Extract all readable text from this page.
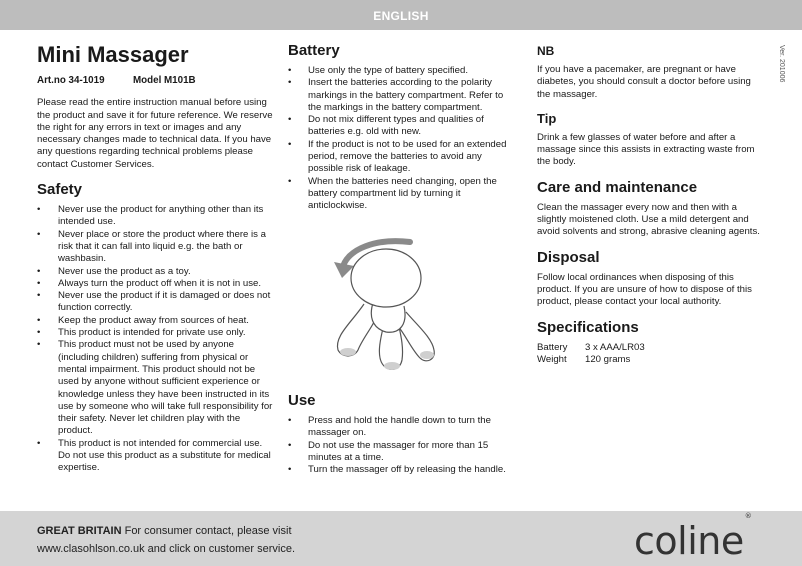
ENGLISH
Ver. 201006
Mini Massager
Art.no 34-1019	Model M101B

Please read the entire instruction manual before using the product and save it for future reference. We reserve the right for any errors in text or images and any necessary changes made to technical data. If you have any questions regarding technical problems please contact Customer Services.

Safety
• Never use the product for anything other than its intended use.
• Never place or store the product where there is a risk that it can fall into liquid e.g. the bath or washbasin.
• Never use the product as a toy.
• Always turn the product off when it is not in use.
• Never use the product if it is damaged or does not function correctly.
• Keep the product away from sources of heat.
• This product is intended for private use only.
• This product must not be used by anyone (including children) suffering from physical or mental impairment. This product should not be used by anyone without sufficient experience or knowledge unless they have been instructed in its use by someone who will take full responsibility for their safety. Never let children play with the product.
• This product is not intended for commercial use. Do not use this product as a substitute for medical expertise.
Battery
• Use only the type of battery specified.
• Insert the batteries according to the polarity markings in the battery compartment. Refer to the markings in the battery compartment.
• Do not mix different types and qualities of batteries e.g. old with new.
• If the product is not to be used for an extended period, remove the batteries to avoid any possible risk of leakage.
• When the batteries need changing, open the battery compartment lid by turning it anticlockwise.
Use
• Press and hold the handle down to turn the massager on.
• Do not use the massager for more than 15 minutes at a time.
• Turn the massager off by releasing the handle.
NB

If you have a pacemaker, are pregnant or have diabetes, you should consult a doctor before using the massager.

Tip

Drink a few glasses of water before and after a massage since this assists in extracting waste from the body.

Care and maintenance

Clean the massager every now and then with a slightly moistened cloth. Use a mild detergent and avoid solvents and strong, abrasive cleaning agents.

Disposal

Follow local ordinances when disposing of this product. If you are unsure of how to dispose of this product, please contact your local authority.

Specifications
Battery	3 x AAA/LR03
Weight	120 grams
GREAT BRITAIN For consumer contact, please visit
www.clasohlson.co.uk and click on customer service.	coline®
